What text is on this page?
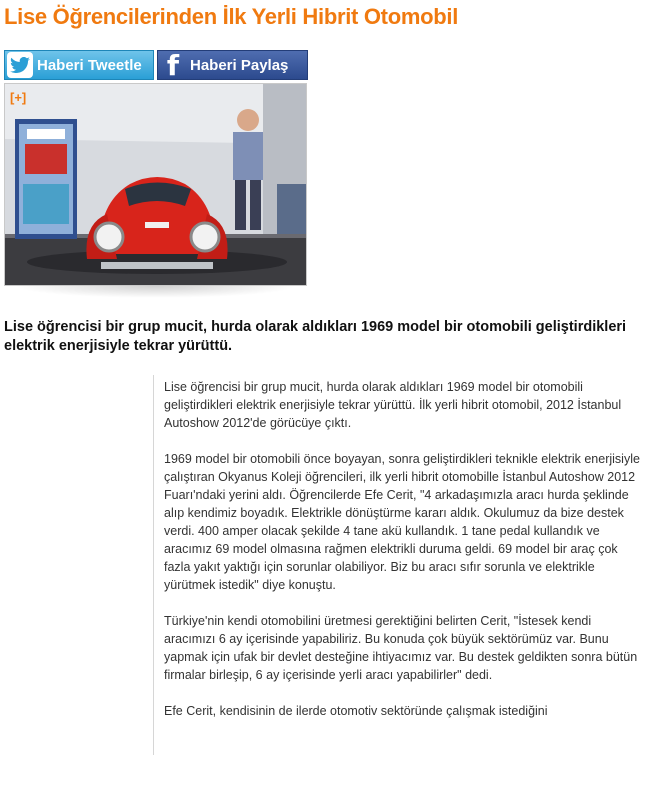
Lise Öğrencilerinden İlk Yerli Hibrit Otomobil
Haberi Tweetle f Haberi Paylaş
[+]
Lise öğrencisi bir grup mucit, hurda olarak aldıkları 1969 model bir otomobili geliştirdikleri elektrik enerjisiyle tekrar yürüttü.

Lise öğrencisi bir grup mucit, hurda olarak aldıkları 1969 model bir otomobili geliştirdikleri elektrik enerjisiyle tekrar yürüttü. İlk yerli hibrit otomobil, 2012 İstanbul Autoshow 2012'de görücüye çıktı.

1969 model bir otomobili önce boyayan, sonra geliştirdikleri teknikle elektrik enerjisiyle çalıştıran Okyanus Koleji öğrencileri, ilk yerli hibrit otomobille İstanbul Autoshow 2012 Fuarı'ndaki yerini aldı. Öğrencilerde Efe Cerit, "4 arkadaşımızla aracı hurda şeklinde alıp kendimiz boyadık. Elektrikle dönüştürme kararı aldık. Okulumuz da bize destek verdi. 400 amper olacak şekilde 4 tane akü kullandık. 1 tane pedal kullandık ve aracımız 69 model olmasına rağmen elektrikli duruma geldi. 69 model bir araç çok fazla yakıt yaktığı için sorunlar olabiliyor. Biz bu aracı sıfır sorunla ve elektrikle yürütmek istedik" diye konuştu.

Türkiye'nin kendi otomobilini üretmesi gerektiğini belirten Cerit, "İstesek kendi aracımızı 6 ay içerisinde yapabiliriz. Bu konuda çok büyük sektörümüz var. Bunu yapmak için ufak bir devlet desteğine ihtiyacımız var. Bu destek geldikten sonra bütün firmalar birleşip, 6 ay içerisinde yerli aracı yapabilirler" dedi.

Efe Cerit, kendisinin de ilerde otomotiv sektöründe çalışmak istediğini
